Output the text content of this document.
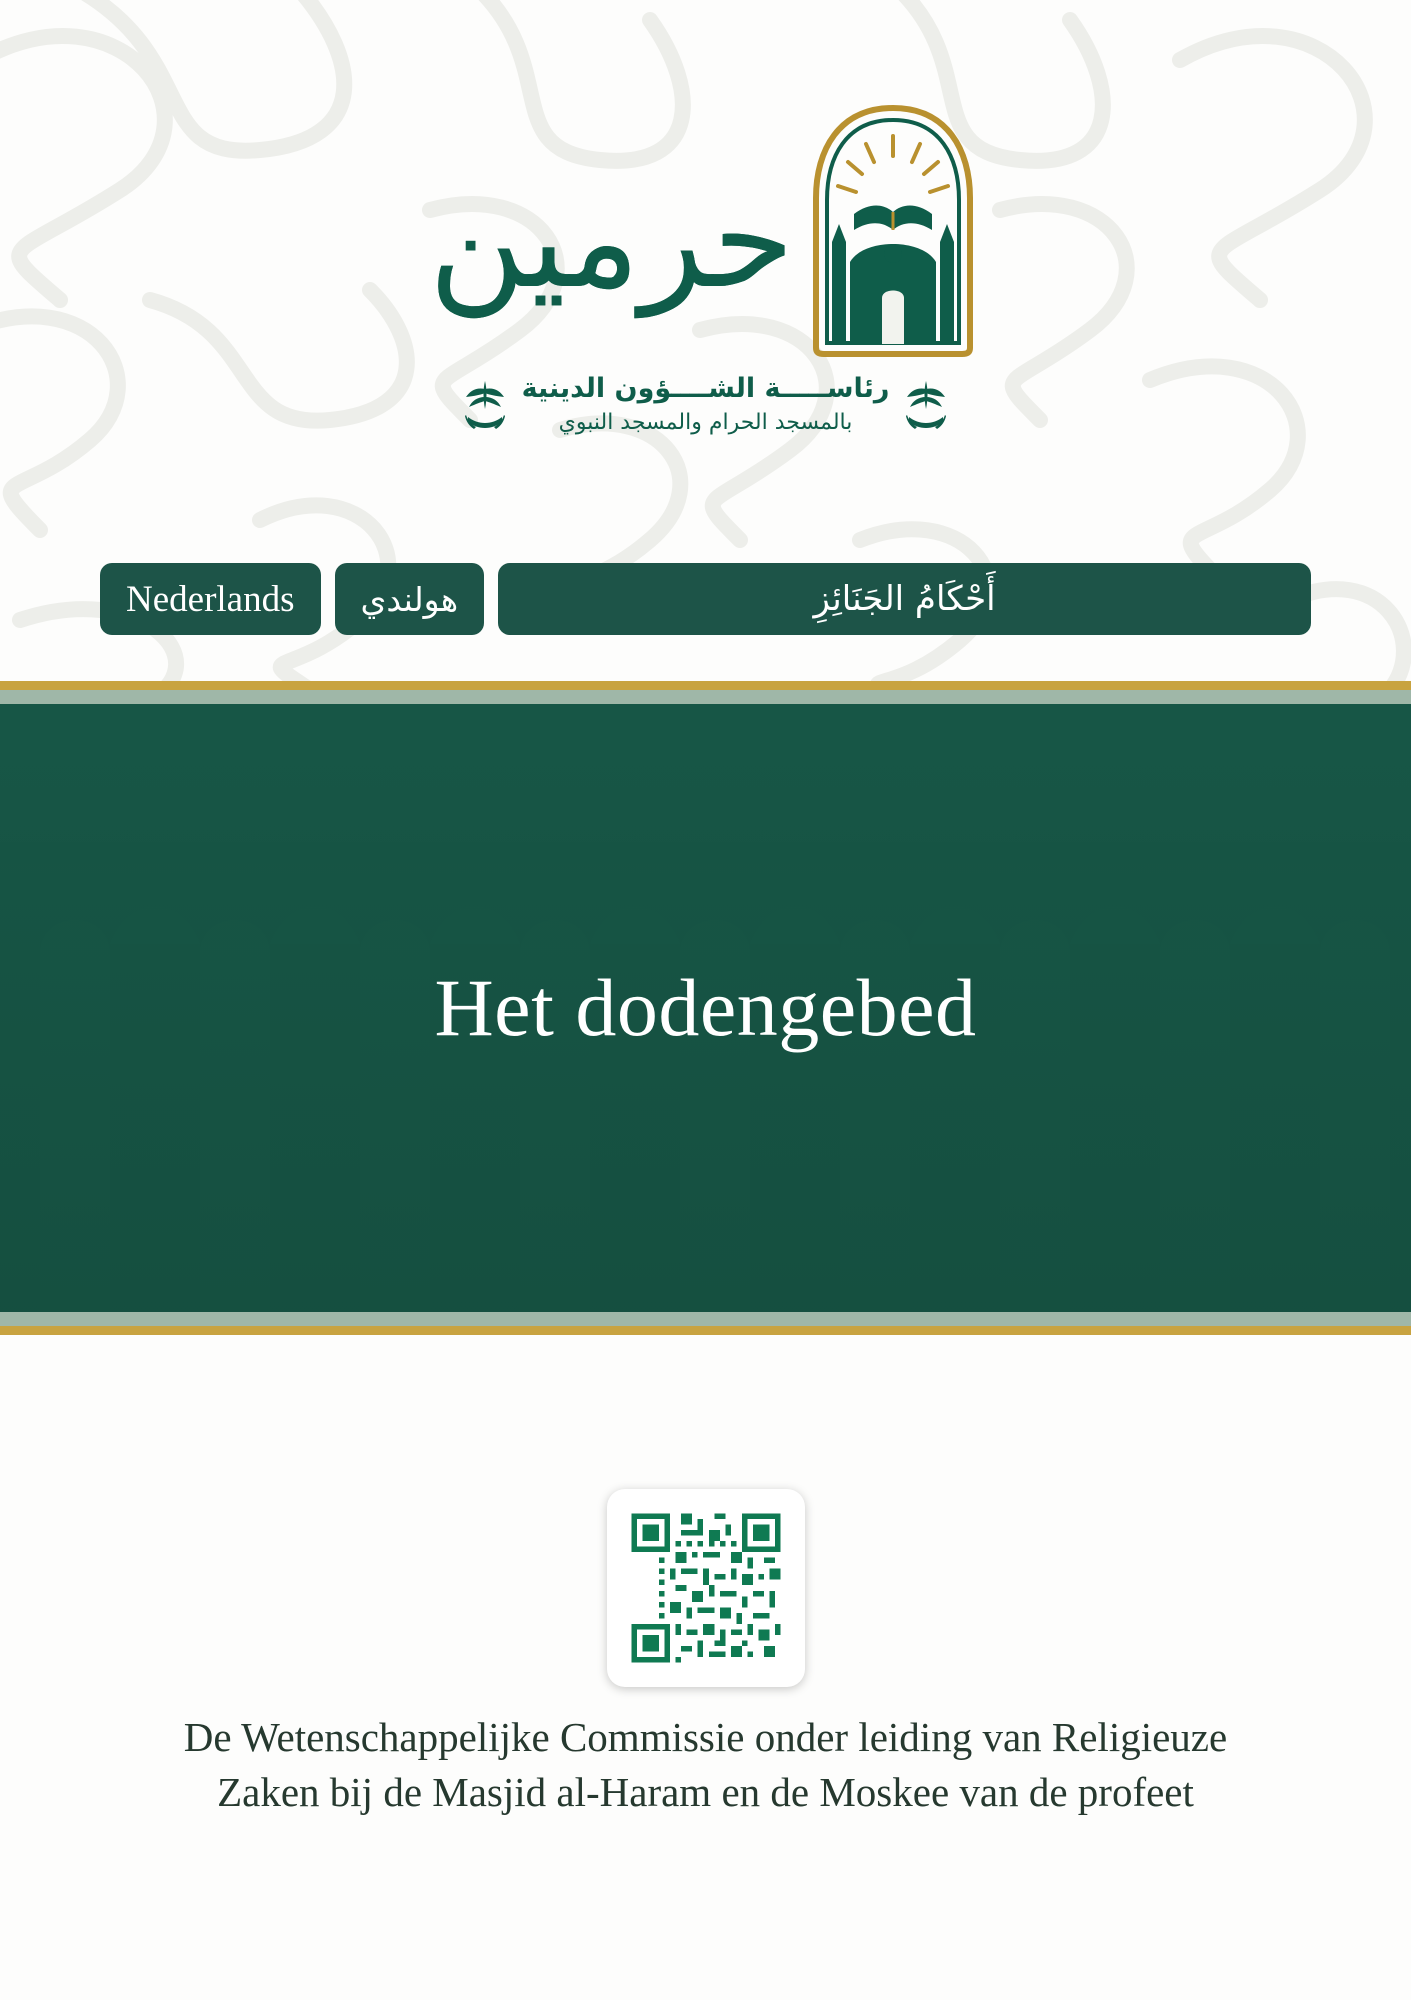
حرمين
رئاســـــة الشــــؤون الدينية
بالمسجد الحرام والمسجد النبوي
Nederlands	هولندي	أَحْكَامُ الجَنَائِزِ
Het dodengebed
De Wetenschappelijke Commissie onder leiding van Religieuze Zaken bij de Masjid al-Haram en de Moskee van de profeet
